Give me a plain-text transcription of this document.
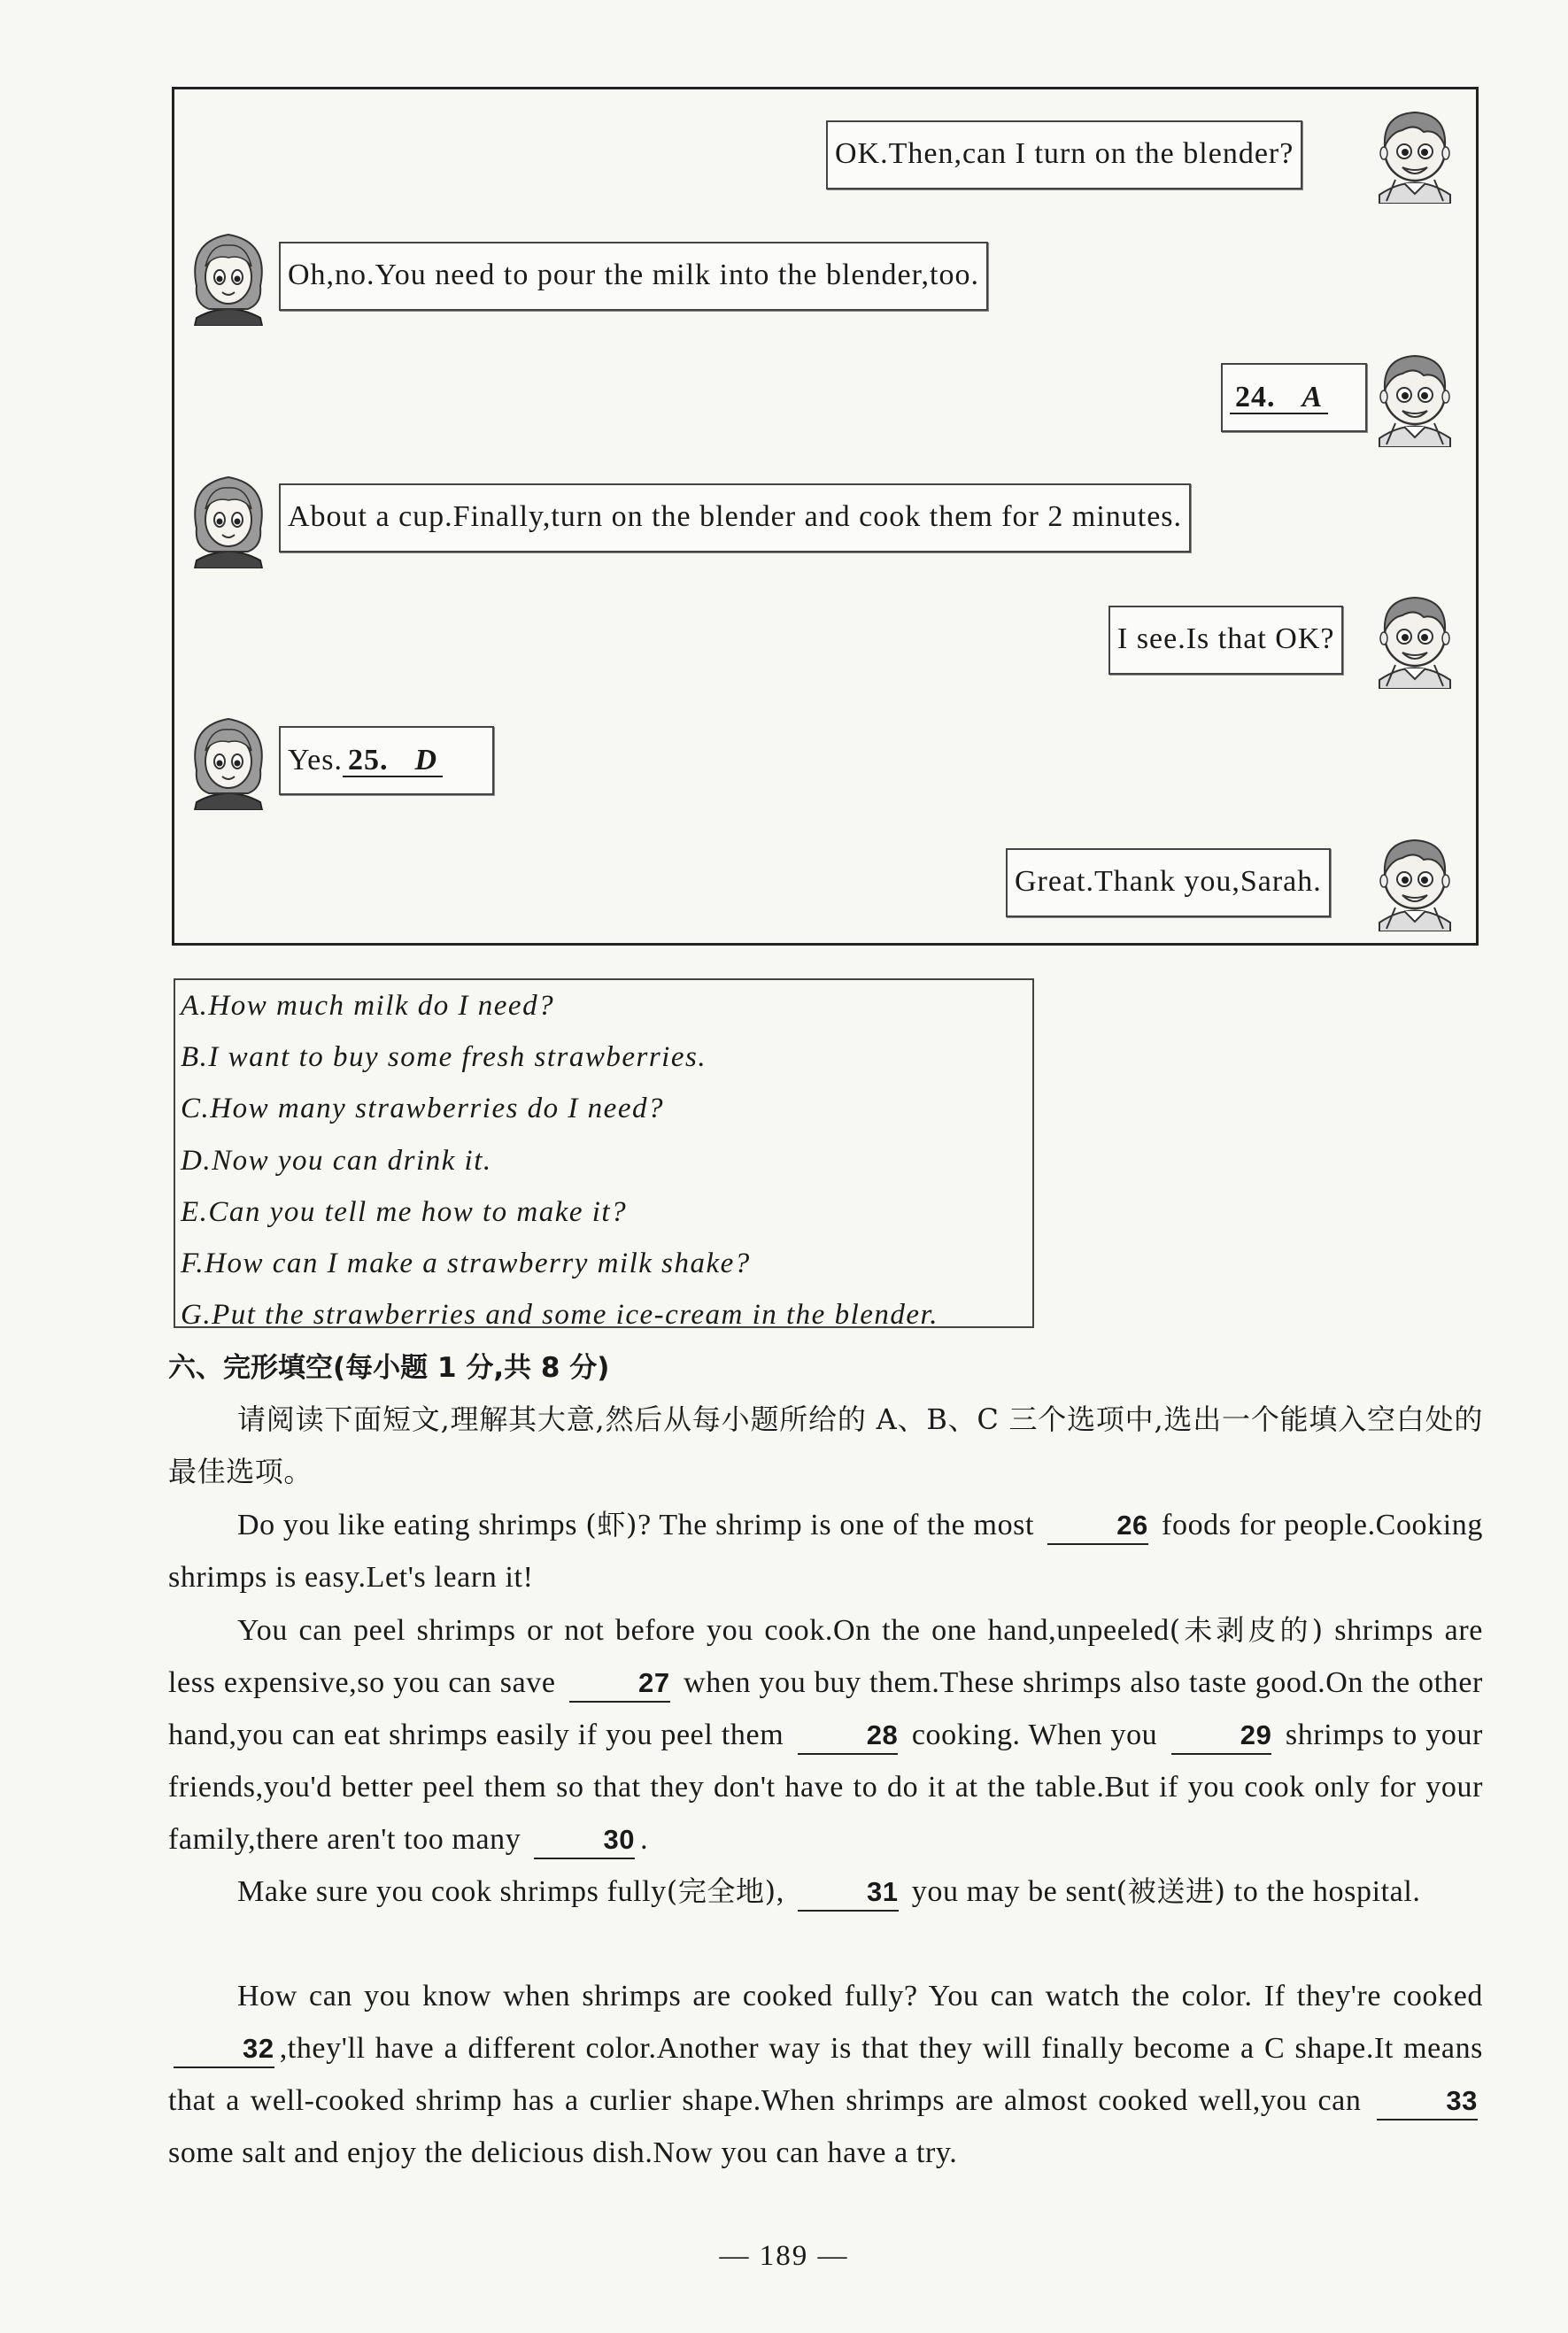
OK.Then,can I turn on the blender?
Oh,no.You need to pour the milk into the blender,too.
24. A
About a cup.Finally,turn on the blender and cook them for 2 minutes.
I see.Is that OK?
Yes. 25. D
Great.Thank you,Sarah.
A.How much milk do I need?
B.I want to buy some fresh strawberries.
C.How many strawberries do I need?
D.Now you can drink it.
E.Can you tell me how to make it?
F.How can I make a strawberry milk shake?
G.Put the strawberries and some ice-cream in the blender.
六、完形填空(每小题 1 分,共 8 分)
请阅读下面短文,理解其大意,然后从每小题所给的 A、B、C 三个选项中,选出一个能填入空白处的最佳选项。
Do you like eating shrimps (虾)? The shrimp is one of the most	26 foods for people.Cooking shrimps is easy.Let's learn it!
You can peel shrimps or not before you cook.On the one hand,unpeeled(未剥皮的) shrimps are less expensive,so you can save	27 when you buy them.These shrimps also taste good.On the other hand,you can eat shrimps easily if you peel them	28 cooking. When you	29 shrimps to your friends,you'd better peel them so that they don't have to do it at the table.But if you cook only for your family,there aren't too many	30 .
Make sure you cook shrimps fully(完全地),	31 you may be sent(被送进) to the hospital.
How can you know when shrimps are cooked fully? You can watch the color. If they're cooked 32 ,they'll have a different color.Another way is that they will finally become a C shape.It means that a well-cooked shrimp has a curlier shape.When shrimps are almost cooked well,you can	33 some salt and enjoy the delicious dish.Now you can have a try.
— 189 —
